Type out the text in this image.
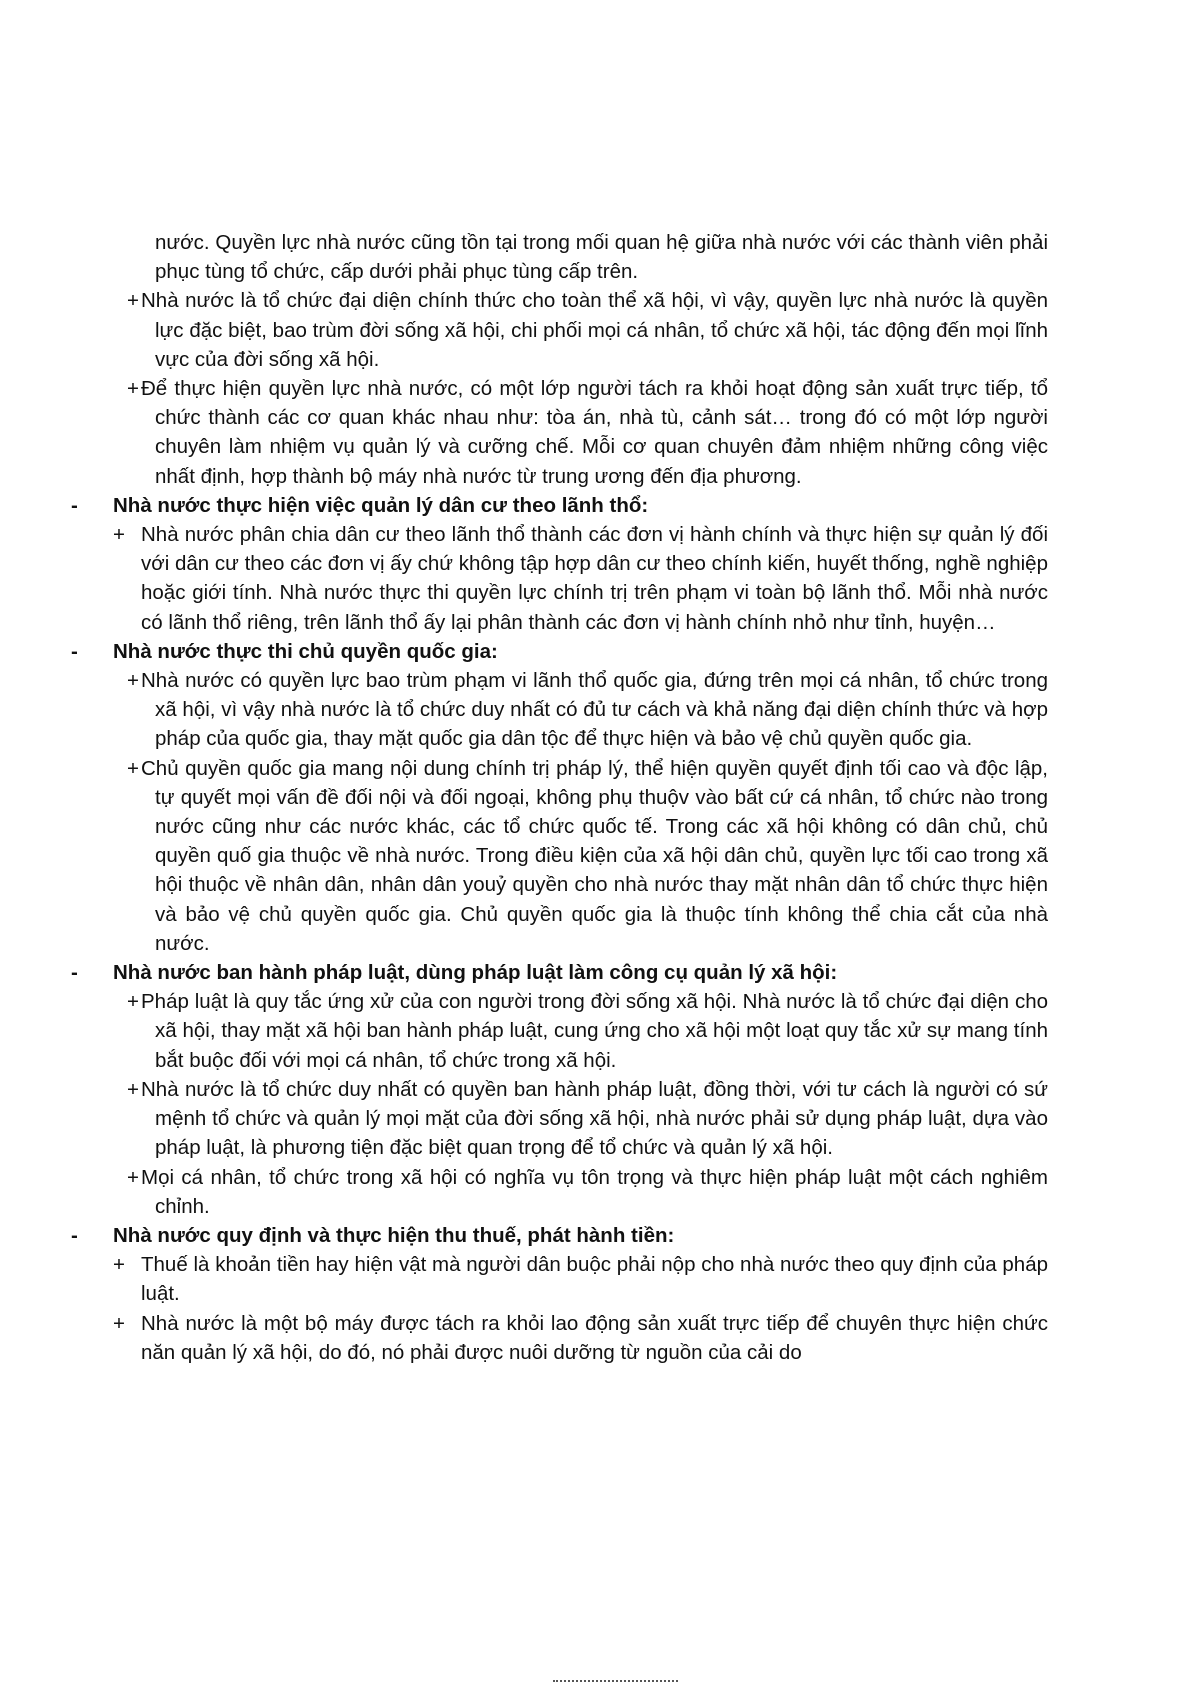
nước. Quyền lực nhà nước cũng tồn tại trong mối quan hệ giữa nhà nước với các thành viên phải phục tùng tổ chức, cấp dưới phải phục tùng cấp trên.

+ Nhà nước là tổ chức đại diện chính thức cho toàn thể xã hội, vì vậy, quyền lực nhà nước là quyền lực đặc biệt, bao trùm đời sống xã hội, chi phối mọi cá nhân, tổ chức xã hội, tác động đến mọi lĩnh vực của đời sống xã hội.
+ Để thực hiện quyền lực nhà nước, có một lớp người tách ra khỏi hoạt động sản xuất trực tiếp, tổ chức thành các cơ quan khác nhau như: tòa án, nhà tù, cảnh sát… trong đó có một lớp người chuyên làm nhiệm vụ quản lý và cưỡng chế. Mỗi cơ quan chuyên đảm nhiệm những công việc nhất định, hợp thành bộ máy nhà nước từ trung ương đến địa phương.
- Nhà nước thực hiện việc quản lý dân cư theo lãnh thổ:
+ Nhà nước phân chia dân cư theo lãnh thổ thành các đơn vị hành chính và thực hiện sự quản lý đối với dân cư theo các đơn vị ấy chứ không tập hợp dân cư theo chính kiến, huyết thống, nghề nghiệp hoặc giới tính. Nhà nước thực thi quyền lực chính trị trên phạm vi toàn bộ lãnh thổ. Mỗi nhà nước có lãnh thổ riêng, trên lãnh thổ ấy lại phân thành các đơn vị hành chính nhỏ như tỉnh, huyện…
- Nhà nước thực thi chủ quyền quốc gia:
+ Nhà nước có quyền lực bao trùm phạm vi lãnh thổ quốc gia, đứng trên mọi cá nhân, tổ chức trong xã hội, vì vậy nhà nước là tổ chức duy nhất có đủ tư cách và khả năng đại diện chính thức và hợp pháp của quốc gia, thay mặt quốc gia dân tộc để thực hiện và bảo vệ chủ quyền quốc gia.
+ Chủ quyền quốc gia mang nội dung chính trị pháp lý, thể hiện quyền quyết định tối cao và độc lập, tự quyết mọi vấn đề đối nội và đối ngoại, không phụ thuộv vào bất cứ cá nhân, tổ chức nào trong nước cũng như các nước khác, các tổ chức quốc tế. Trong các xã hội không có dân chủ, chủ quyền quố gia thuộc về nhà nước. Trong điều kiện của xã hội dân chủ, quyền lực tối cao trong xã hội thuộc về nhân dân, nhân dân youỷ quyền cho nhà nước thay mặt nhân dân tổ chức thực hiện và bảo vệ chủ quyền quốc gia. Chủ quyền quốc gia là thuộc tính không thể chia cắt của nhà nước.
- Nhà nước ban hành pháp luật, dùng pháp luật làm công cụ quản lý xã hội:
+ Pháp luật là quy tắc ứng xử của con người trong đời sống xã hội. Nhà nước là tổ chức đại diện cho xã hội, thay mặt xã hội ban hành pháp luật, cung ứng cho xã hội một loạt quy tắc xử sự mang tính bắt buộc đối với mọi cá nhân, tổ chức trong xã hội.
+ Nhà nước là tổ chức duy nhất có quyền ban hành pháp luật, đồng thời, với tư cách là người có sứ mệnh tổ chức và quản lý mọi mặt của đời sống xã hội, nhà nước phải sử dụng pháp luật, dựa vào pháp luật, là phương tiện đặc biệt quan trọng để tổ chức và quản lý xã hội.
+ Mọi cá nhân, tổ chức trong xã hội có nghĩa vụ tôn trọng và thực hiện pháp luật một cách nghiêm chỉnh.
- Nhà nước quy định và thực hiện thu thuế, phát hành tiền:
+ Thuế là khoản tiền hay hiện vật mà người dân buộc phải nộp cho nhà nước theo quy định của pháp luật.
+ Nhà nước là một bộ máy được tách ra khỏi lao động sản xuất trực tiếp để chuyên thực hiện chức năn quản lý xã hội, do đó, nó phải được nuôi dưỡng từ nguồn của cải do
